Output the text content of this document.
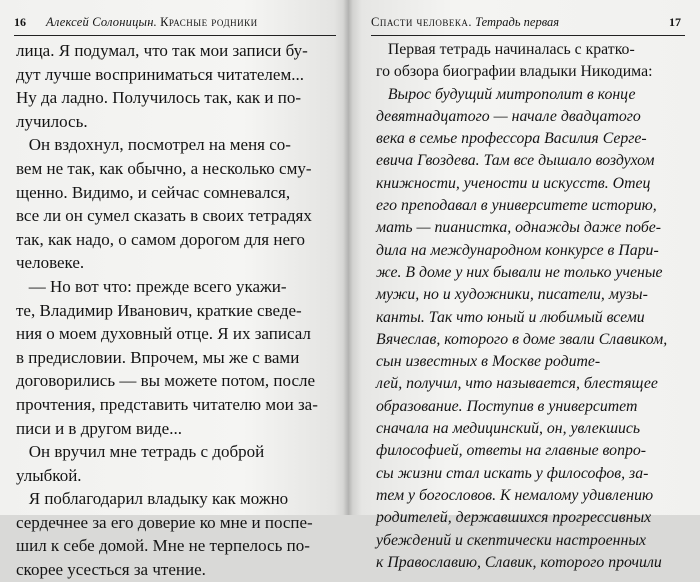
16 Алексей Солоницын. Красные родники
лица. Я подумал, что так мои записи бу-
дут лучше восприниматься читателем...
Ну да ладно. Получилось так, как и по-
лучилось.
Он вздохнул, посмотрел на меня со-
вем не так, как обычно, а несколько сму-
щенно. Видимо, и сейчас сомневался,
все ли он сумел сказать в своих тетрадях
так, как надо, о самом дорогом для него
человеке.
— Но вот что: прежде всего укажи-
те, Владимир Иванович, краткие сведе-
ния о моем духовный отце. Я их записал
в предисловии. Впрочем, мы же с вами
договорились — вы можете потом, после
прочтения, представить читателю мои за-
писи и в другом виде...
Он вручил мне тетрадь с доброй
улыбкой.
Я поблагодарил владыку как можно
сердечнее за его доверие ко мне и поспе-
шил к себе домой. Мне не терпелось по-
скорее усесться за чтение.
Спасти человека. Тетрадь первая	17
Первая тетрадь начиналась с кратко-
го обзора биографии владыки Никодима:
Вырос будущий митрополит в конце
девятнадцатого — начале двадцатого
века в семье профессора Василия Серге-
евича Гвоздева. Там все дышало воздухом
книжности, учености и искусств. Отец
его преподавал в университете историю,
мать — пианистка, однажды даже побе-
дила на международном конкурсе в Пари-
же. В доме у них бывали не только ученые
мужи, но и художники, писатели, музы-
канты. Так что юный и любимый всеми
Вячеслав, которого в доме звали Славиком,
сын известных в Москве родите-
лей, получил, что называется, блестящее
образование. Поступив в университет
сначала на медицинский, он, увлекшись
философией, ответы на главные вопро-
сы жизни стал искать у философов, за-
тем у богословов. К немалому удивлению
родителей, державшихся прогрессивных
убеждений и скептически настроенных
к Православию, Славик, которого прочили
